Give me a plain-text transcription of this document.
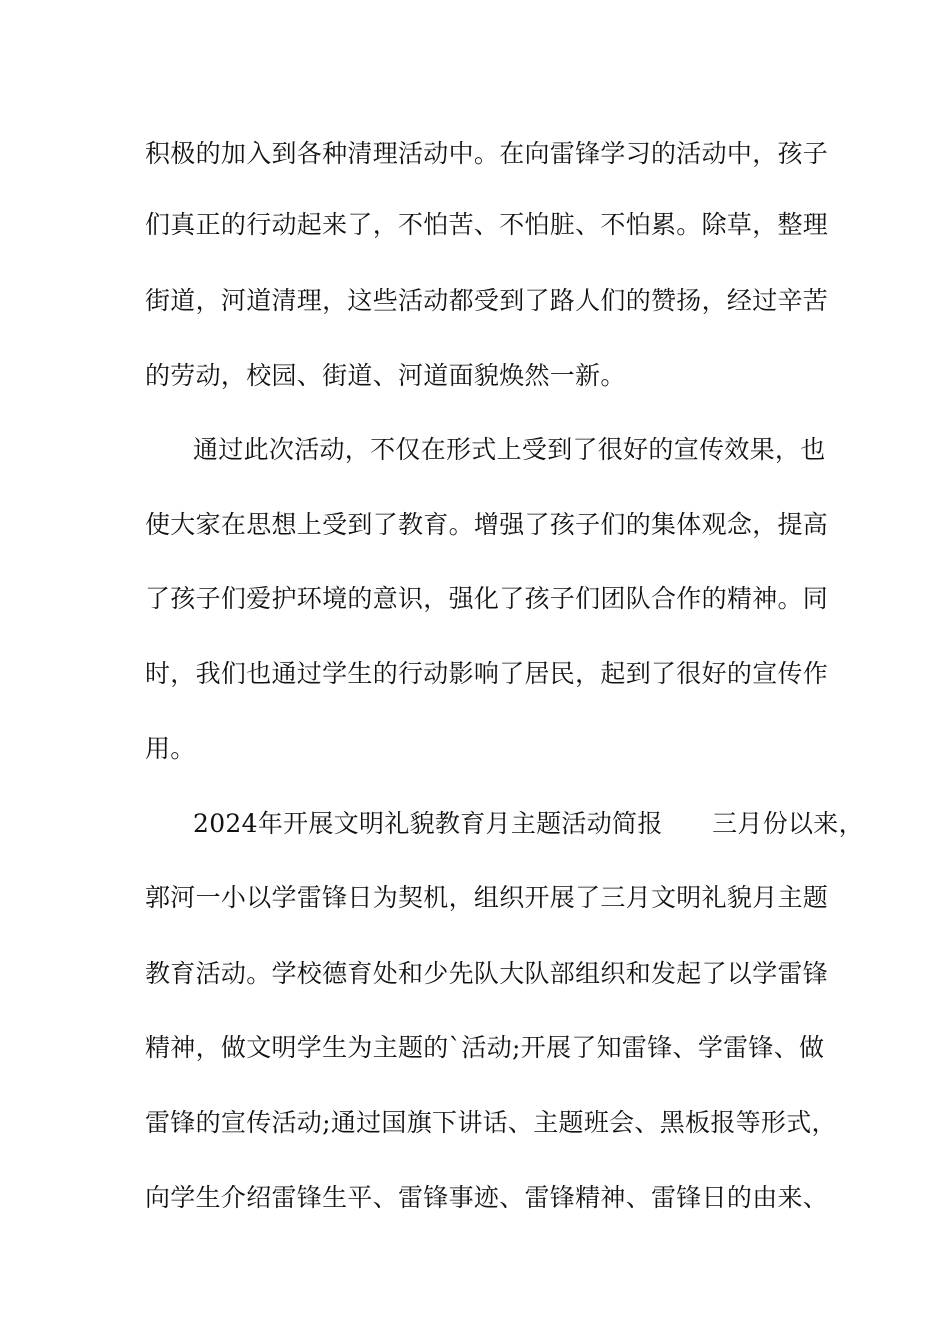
积极的加入到各种清理活动中。在向雷锋学习的活动中，孩子
们真正的行动起来了，不怕苦、不怕脏、不怕累。除草，整理
街道，河道清理，这些活动都受到了路人们的赞扬，经过辛苦
的劳动，校园、街道、河道面貌焕然一新。
通过此次活动，不仅在形式上受到了很好的宣传效果，也
使大家在思想上受到了教育。增强了孩子们的集体观念，提高
了孩子们爱护环境的意识，强化了孩子们团队合作的精神。同
时，我们也通过学生的行动影响了居民，起到了很好的宣传作
用。
2024年开展文明礼貌教育月主题活动简报      三月份以来，
郭河一小以学雷锋日为契机，组织开展了三月文明礼貌月主题
教育活动。学校德育处和少先队大队部组织和发起了以学雷锋
精神，做文明学生为主题的`活动;开展了知雷锋、学雷锋、做
雷锋的宣传活动;通过国旗下讲话、主题班会、黑板报等形式，
向学生介绍雷锋生平、雷锋事迹、雷锋精神、雷锋日的由来、
